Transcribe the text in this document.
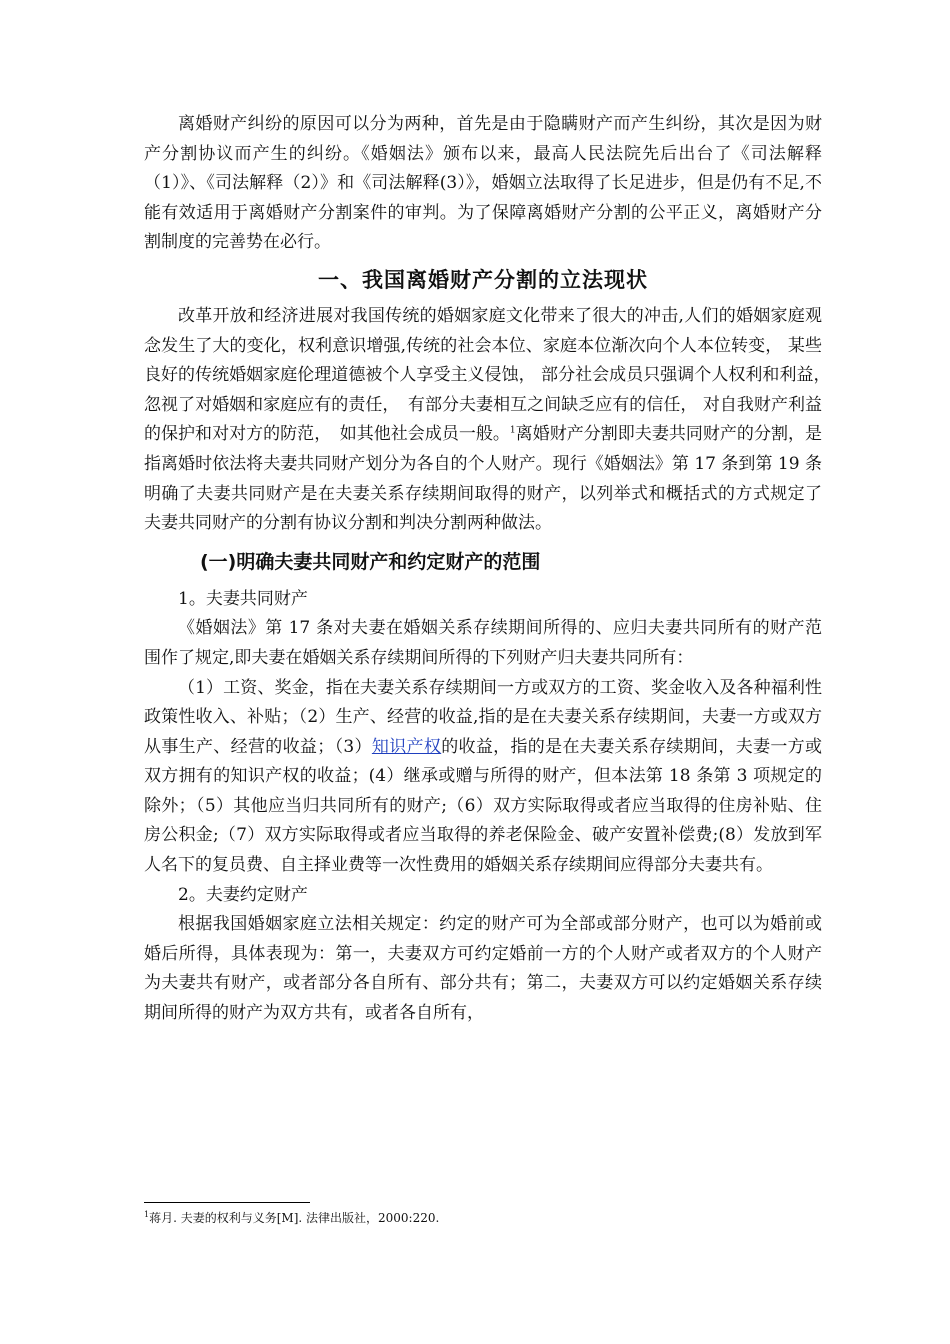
离婚财产纠纷的原因可以分为两种，首先是由于隐瞒财产而产生纠纷，其次是因为财产分割协议而产生的纠纷。《婚姻法》颁布以来，最高人民法院先后出台了《司法解释（1）》、《司法解释（2）》和《司法解释(3）》，婚姻立法取得了长足进步，但是仍有不足,不能有效适用于离婚财产分割案件的审判。为了保障离婚财产分割的公平正义，离婚财产分割制度的完善势在必行。

一、我国离婚财产分割的立法现状

改革开放和经济进展对我国传统的婚姻家庭文化带来了很大的冲击,人们的婚姻家庭观念发生了大的变化，权利意识增强,传统的社会本位、家庭本位渐次向个人本位转变， 某些良好的传统婚姻家庭伦理道德被个人享受主义侵蚀， 部分社会成员只强调个人权利和利益，　忽视了对婚姻和家庭应有的责任，　有部分夫妻相互之间缺乏应有的信任， 对自我财产利益的保护和对对方的防范，　如其他社会成员一般。$^1$离婚财产分割即夫妻共同财产的分割，是指离婚时依法将夫妻共同财产划分为各自的个人财产。现行《婚姻法》第 17 条到第 19 条明确了夫妻共同财产是在夫妻关系存续期间取得的财产，以列举式和概括式的方式规定了夫妻共同财产的分割有协议分割和判决分割两种做法。

(一)明确夫妻共同财产和约定财产的范围

1。夫妻共同财产

《婚姻法》第 17 条对夫妻在婚姻关系存续期间所得的、应归夫妻共同所有的财产范围作了规定,即夫妻在婚姻关系存续期间所得的下列财产归夫妻共同所有：

（1）工资、奖金，指在夫妻关系存续期间一方或双方的工资、奖金收入及各种福利性政策性收入、补贴；（2）生产、经营的收益,指的是在夫妻关系存续期间，夫妻一方或双方从事生产、经营的收益；（3）知识产权的收益，指的是在夫妻关系存续期间，夫妻一方或双方拥有的知识产权的收益；(4）继承或赠与所得的财产，但本法第 18 条第 3 项规定的除外；（5）其他应当归共同所有的财产;（6）双方实际取得或者应当取得的住房补贴、住房公积金;（7）双方实际取得或者应当取得的养老保险金、破产安置补偿费;(8）发放到军人名下的复员费、自主择业费等一次性费用的婚姻关系存续期间应得部分夫妻共有。

2。夫妻约定财产

根据我国婚姻家庭立法相关规定：约定的财产可为全部或部分财产，也可以为婚前或婚后所得，具体表现为：第一，夫妻双方可约定婚前一方的个人财产或者双方的个人财产为夫妻共有财产，或者部分各自所有、部分共有；第二，夫妻双方可以约定婚姻关系存续期间所得的财产为双方共有，或者各自所有，

$^1$蒋月. 夫妻的权利与义务[M]. 法律出版社，2000:220.
